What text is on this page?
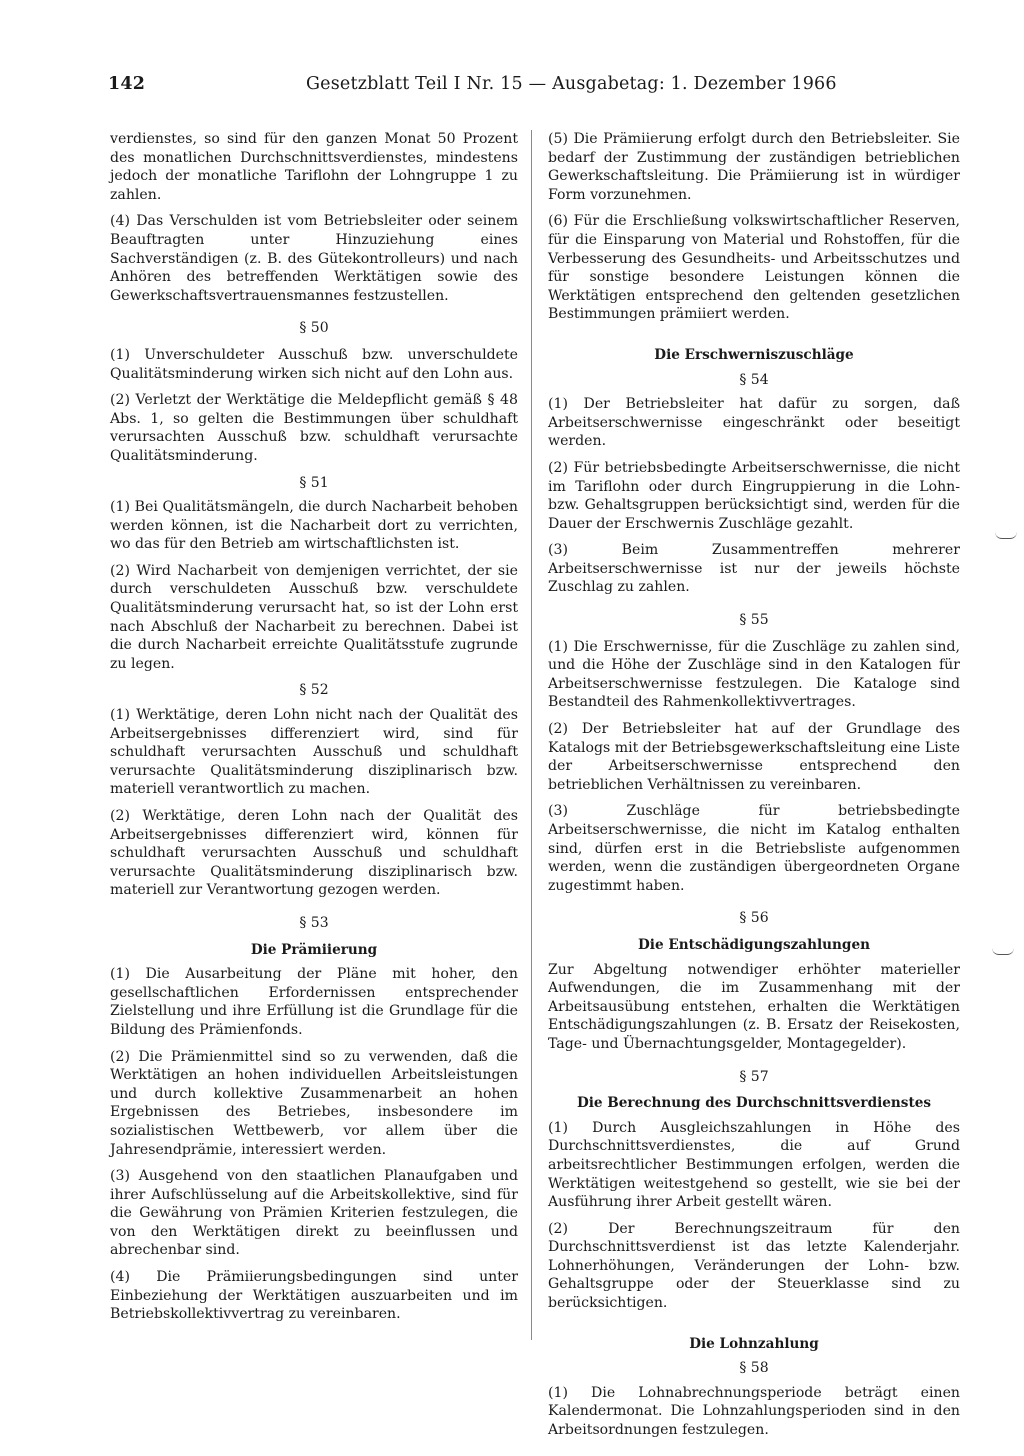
142	Gesetzblatt Teil I Nr. 15 — Ausgabetag: 1. Dezember 1966

verdienstes, so sind für den ganzen Monat 50 Prozent des monatlichen Durchschnittsverdienstes, mindestens jedoch der monatliche Tariflohn der Lohngruppe 1 zu zahlen.

(4) Das Verschulden ist vom Betriebsleiter oder seinem Beauftragten unter Hinzuziehung eines Sachverständigen (z. B. des Gütekontrolleurs) und nach Anhören des betreffenden Werktätigen sowie des Gewerkschaftsvertrauensmannes festzustellen.

§ 50

(1) Unverschuldeter Ausschuß bzw. unverschuldete Qualitätsminderung wirken sich nicht auf den Lohn aus.

(2) Verletzt der Werktätige die Meldepflicht gemäß § 48 Abs. 1, so gelten die Bestimmungen über schuldhaft verursachten Ausschuß bzw. schuldhaft verursachte Qualitätsminderung.

§ 51

(1) Bei Qualitätsmängeln, die durch Nacharbeit behoben werden können, ist die Nacharbeit dort zu verrichten, wo das für den Betrieb am wirtschaftlichsten ist.

(2) Wird Nacharbeit von demjenigen verrichtet, der sie durch verschuldeten Ausschuß bzw. verschuldete Qualitätsminderung verursacht hat, so ist der Lohn erst nach Abschluß der Nacharbeit zu berechnen. Dabei ist die durch Nacharbeit erreichte Qualitätsstufe zugrunde zu legen.

§ 52

(1) Werktätige, deren Lohn nicht nach der Qualität des Arbeitsergebnisses differenziert wird, sind für schuldhaft verursachten Ausschuß und schuldhaft verursachte Qualitätsminderung disziplinarisch bzw. materiell verantwortlich zu machen.

(2) Werktätige, deren Lohn nach der Qualität des Arbeitsergebnisses differenziert wird, können für schuldhaft verursachten Ausschuß und schuldhaft verursachte Qualitätsminderung disziplinarisch bzw. materiell zur Verantwortung gezogen werden.

§ 53
Die Prämiierung

(1) Die Ausarbeitung der Pläne mit hoher, den gesellschaftlichen Erfordernissen entsprechender Zielstellung und ihre Erfüllung ist die Grundlage für die Bildung des Prämienfonds.

(2) Die Prämienmittel sind so zu verwenden, daß die Werktätigen an hohen individuellen Arbeitsleistungen und durch kollektive Zusammenarbeit an hohen Ergebnissen des Betriebes, insbesondere im sozialistischen Wettbewerb, vor allem über die Jahresendprämie, interessiert werden.

(3) Ausgehend von den staatlichen Planaufgaben und ihrer Aufschlüsselung auf die Arbeitskollektive, sind für die Gewährung von Prämien Kriterien festzulegen, die von den Werktätigen direkt zu beeinflussen und abrechenbar sind.

(4) Die Prämiierungsbedingungen sind unter Einbeziehung der Werktätigen auszuarbeiten und im Betriebskollektivvertrag zu vereinbaren.

(5) Die Prämiierung erfolgt durch den Betriebsleiter. Sie bedarf der Zustimmung der zuständigen betrieblichen Gewerkschaftsleitung. Die Prämiierung ist in würdiger Form vorzunehmen.

(6) Für die Erschließung volkswirtschaftlicher Reserven, für die Einsparung von Material und Rohstoffen, für die Verbesserung des Gesundheits- und Arbeitsschutzes und für sonstige besondere Leistungen können die Werktätigen entsprechend den geltenden gesetzlichen Bestimmungen prämiiert werden.

Die Erschwerniszuschläge
§ 54

(1) Der Betriebsleiter hat dafür zu sorgen, daß Arbeitserschwernisse eingeschränkt oder beseitigt werden.

(2) Für betriebsbedingte Arbeitserschwernisse, die nicht im Tariflohn oder durch Eingruppierung in die Lohn- bzw. Gehaltsgruppen berücksichtigt sind, werden für die Dauer der Erschwernis Zuschläge gezahlt.

(3) Beim Zusammentreffen mehrerer Arbeitserschwernisse ist nur der jeweils höchste Zuschlag zu zahlen.

§ 55

(1) Die Erschwernisse, für die Zuschläge zu zahlen sind, und die Höhe der Zuschläge sind in den Katalogen für Arbeitserschwernisse festzulegen. Die Kataloge sind Bestandteil des Rahmenkollektivvertrages.

(2) Der Betriebsleiter hat auf der Grundlage des Katalogs mit der Betriebsgewerkschaftsleitung eine Liste der Arbeitserschwernisse entsprechend den betrieblichen Verhältnissen zu vereinbaren.

(3) Zuschläge für betriebsbedingte Arbeitserschwernisse, die nicht im Katalog enthalten sind, dürfen erst in die Betriebsliste aufgenommen werden, wenn die zuständigen übergeordneten Organe zugestimmt haben.

§ 56
Die Entschädigungszahlungen

Zur Abgeltung notwendiger erhöhter materieller Aufwendungen, die im Zusammenhang mit der Arbeitsausübung entstehen, erhalten die Werktätigen Entschädigungszahlungen (z. B. Ersatz der Reisekosten, Tage- und Übernachtungsgelder, Montagegelder).

§ 57
Die Berechnung des Durchschnittsverdienstes

(1) Durch Ausgleichszahlungen in Höhe des Durchschnittsverdienstes, die auf Grund arbeitsrechtlicher Bestimmungen erfolgen, werden die Werktätigen weitestgehend so gestellt, wie sie bei der Ausführung ihrer Arbeit gestellt wären.

(2) Der Berechnungszeitraum für den Durchschnittsverdienst ist das letzte Kalenderjahr. Lohnerhöhungen, Veränderungen der Lohn- bzw. Gehaltsgruppe oder der Steuerklasse sind zu berücksichtigen.

Die Lohnzahlung
§ 58

(1) Die Lohnabrechnungsperiode beträgt einen Kalendermonat. Die Lohnzahlungsperioden sind in den Arbeitsordnungen festzulegen.
